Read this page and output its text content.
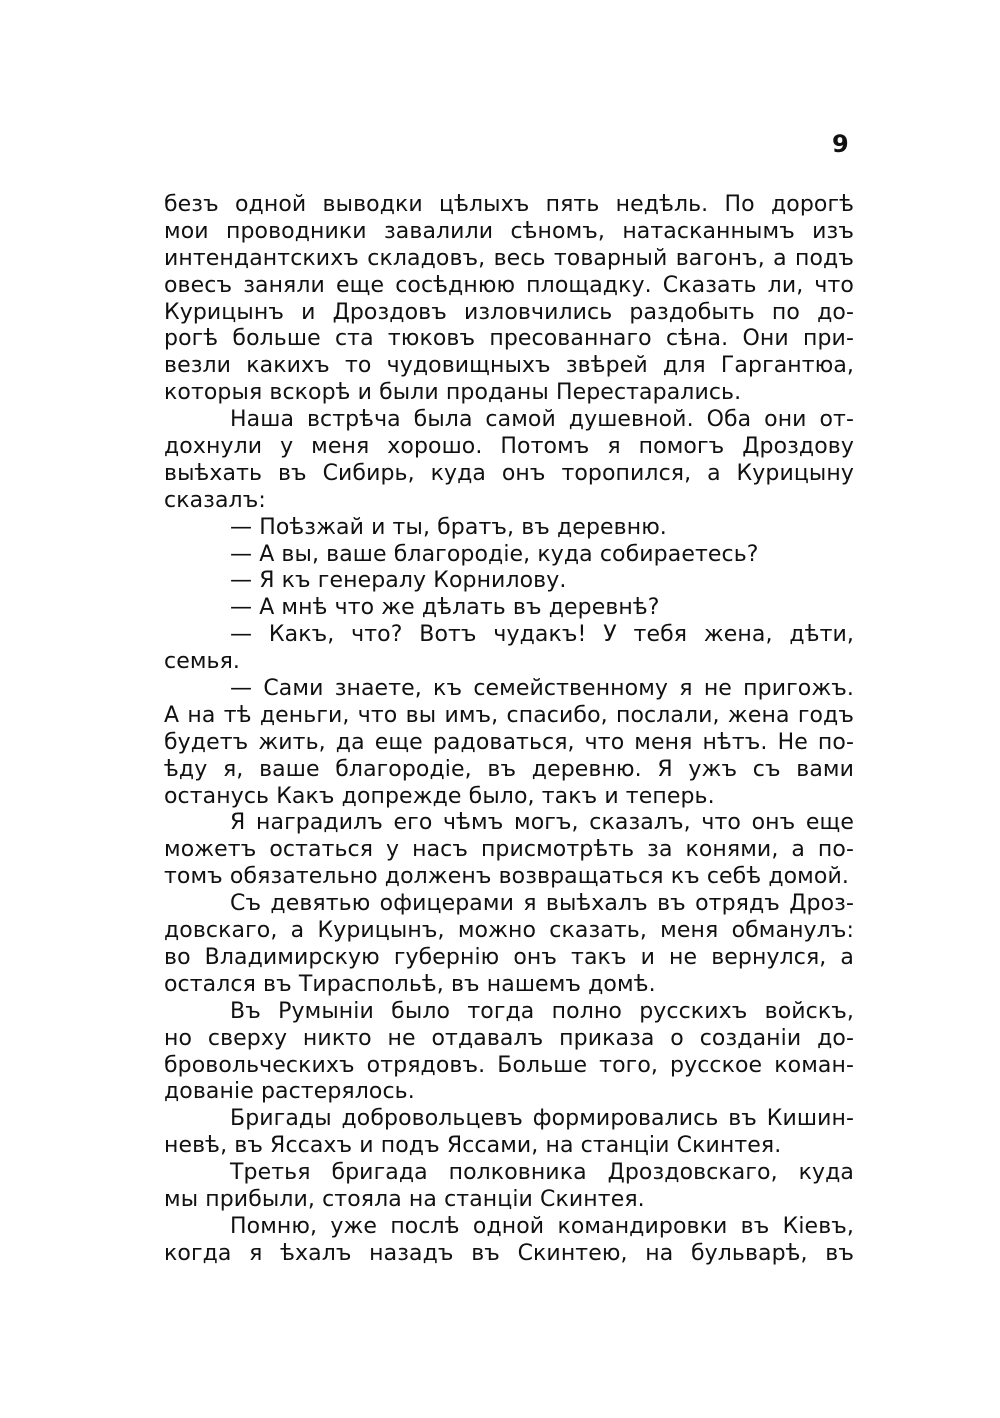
9
безъ одной выводки цѣлыхъ пять недѣль. По дорогѣ
мои проводники завалили сѣномъ, натасканнымъ изъ
интендантскихъ складовъ, весь товарный вагонъ, а подъ
овесъ заняли еще сосѣднюю площадку. Сказать ли, что
Курицынъ и Дроздовъ изловчились раздобыть по до-
рогѣ больше ста тюковъ пресованнаго сѣна. Они при-
везли какихъ то чудовищныхъ звѣрей для Гаргантюа,
которыя вскорѣ и были проданы Перестарались.
Наша встрѣча была самой душевной. Оба они от-
дохнули у меня хорошо. Потомъ я помогъ Дроздову
выѣхать въ Сибирь, куда онъ торопился, а Курицыну
сказалъ:
— Поѣзжай и ты, братъ, въ деревню.
— А вы, ваше благородіе, куда собираетесь?
— Я къ генералу Корнилову.
— А мнѣ что же дѣлать въ деревнѣ?
— Какъ, что? Вотъ чудакъ! У тебя жена, дѣти,
семья.
— Сами знаете, къ семейственному я не пригожъ.
А на тѣ деньги, что вы имъ, спасибо, послали, жена годъ
будетъ жить, да еще радоваться, что меня нѣтъ. Не по-
ѣду я, ваше благородіе, въ деревню. Я ужъ съ вами
останусь Какъ допрежде было, такъ и теперь.
Я наградилъ его чѣмъ могъ, сказалъ, что онъ еще
можетъ остаться у насъ присмотрѣть за конями, а по-
томъ обязательно долженъ возвращаться къ себѣ домой.
Съ девятью офицерами я выѣхалъ въ отрядъ Дроз-
довскаго, а Курицынъ, можно сказать, меня обманулъ:
во Владимирскую губернію онъ такъ и не вернулся, а
остался въ Тираспольѣ, въ нашемъ домѣ.
Въ Румыніи было тогда полно русскихъ войскъ,
но сверху никто не отдавалъ приказа о созданіи до-
бровольческихъ отрядовъ. Больше того, русское коман-
дованіе растерялось.
Бригады добровольцевъ формировались въ Кишин-
невѣ, въ Яссахъ и подъ Яссами, на станціи Скинтея.
Третья бригада полковника Дроздовскаго, куда
мы прибыли, стояла на станціи Скинтея.
Помню, уже послѣ одной командировки въ Кіевъ,
когда я ѣхалъ назадъ въ Скинтею, на бульварѣ, въ
